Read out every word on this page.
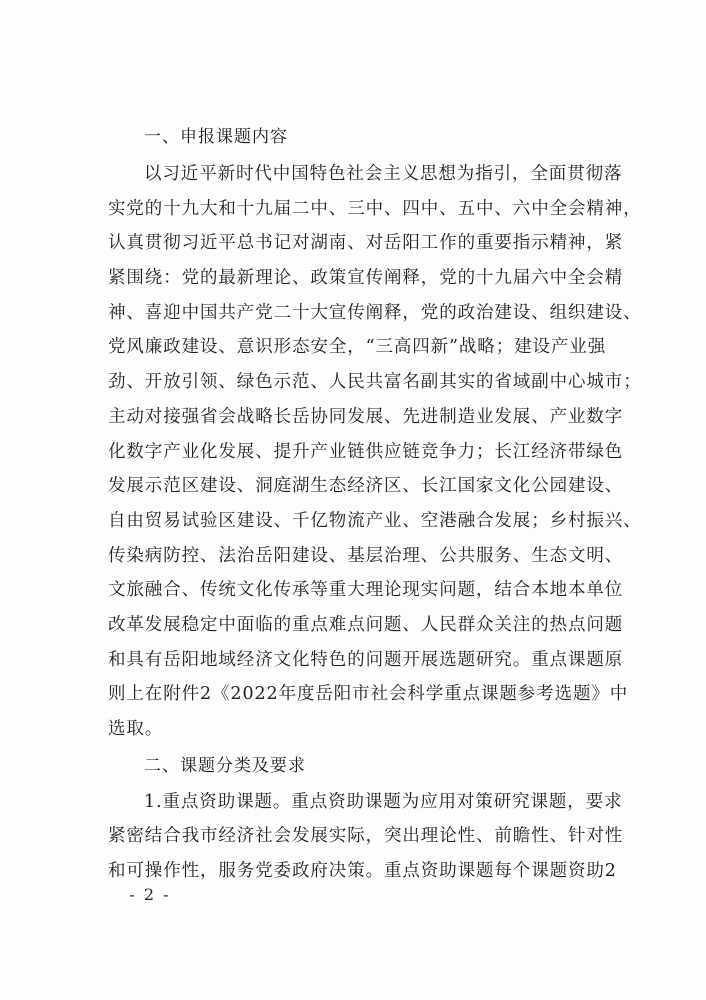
一、申报课题内容
以习近平新时代中国特色社会主义思想为指引，全面贯彻落
实党的十九大和十九届二中、三中、四中、五中、六中全会精神，
认真贯彻习近平总书记对湖南、对岳阳工作的重要指示精神，紧
紧围绕：党的最新理论、政策宣传阐释，党的十九届六中全会精
神、喜迎中国共产党二十大宣传阐释，党的政治建设、组织建设、
党风廉政建设、意识形态安全，“三高四新”战略；建设产业强
劲、开放引领、绿色示范、人民共富名副其实的省域副中心城市；
主动对接强省会战略长岳协同发展、先进制造业发展、产业数字
化数字产业化发展、提升产业链供应链竞争力；长江经济带绿色
发展示范区建设、洞庭湖生态经济区、长江国家文化公园建设、
自由贸易试验区建设、千亿物流产业、空港融合发展；乡村振兴、
传染病防控、法治岳阳建设、基层治理、公共服务、生态文明、
文旅融合、传统文化传承等重大理论现实问题，结合本地本单位
改革发展稳定中面临的重点难点问题、人民群众关注的热点问题
和具有岳阳地域经济文化特色的问题开展选题研究。重点课题原
则上在附件2《2022年度岳阳市社会科学重点课题参考选题》中
选取。
二、课题分类及要求
1.重点资助课题。重点资助课题为应用对策研究课题，要求
紧密结合我市经济社会发展实际，突出理论性、前瞻性、针对性
和可操作性，服务党委政府决策。重点资助课题每个课题资助2
- 2 -
